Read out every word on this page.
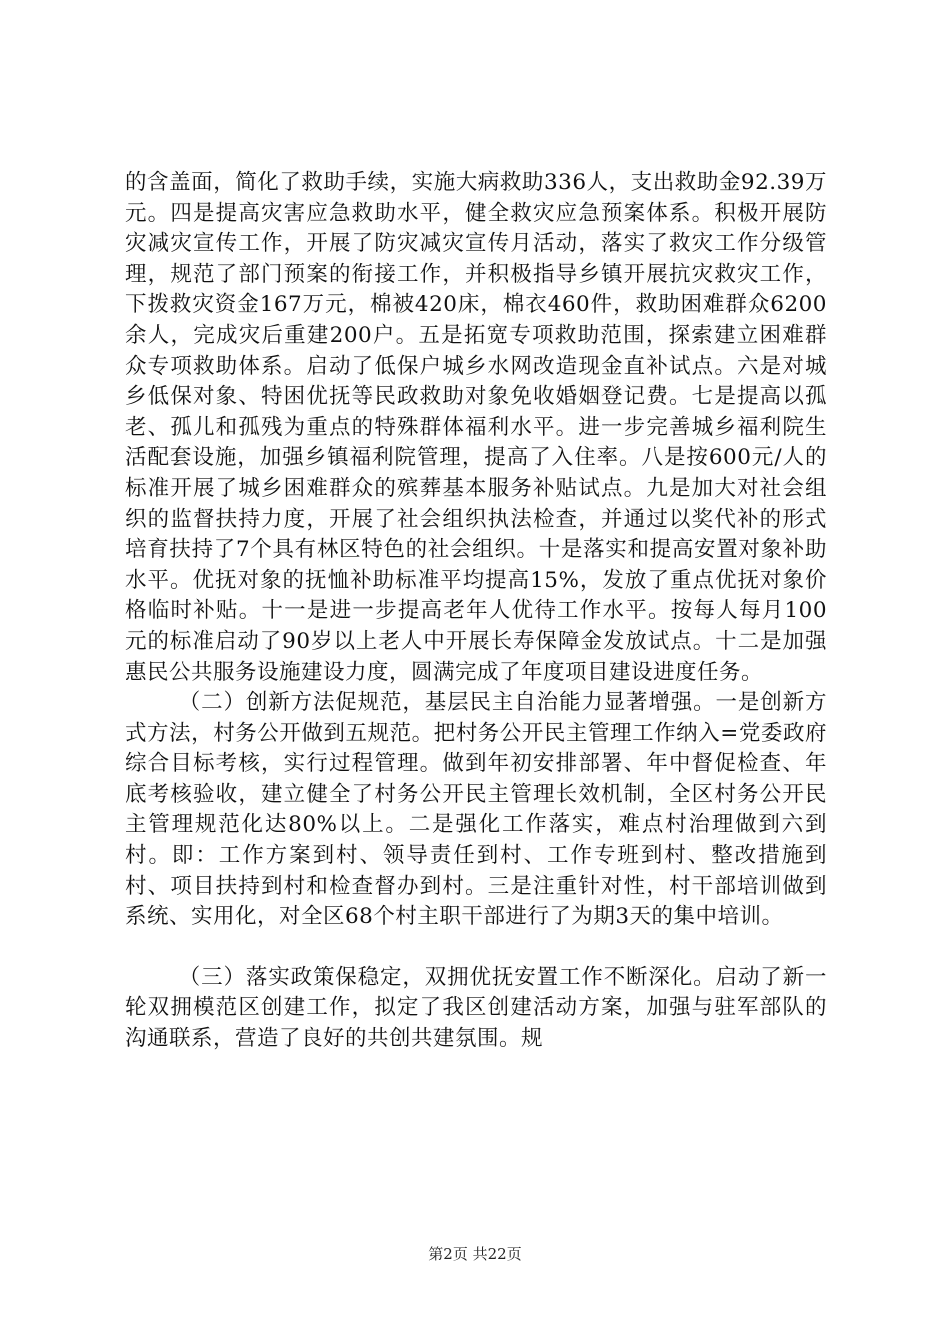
的含盖面，简化了救助手续，实施大病救助336人，支出救助金92.39万元。四是提高灾害应急救助水平，健全救灾应急预案体系。积极开展防灾减灾宣传工作，开展了防灾减灾宣传月活动，落实了救灾工作分级管理，规范了部门预案的衔接工作，并积极指导乡镇开展抗灾救灾工作，下拨救灾资金167万元，棉被420床，棉衣460件，救助困难群众6200余人，完成灾后重建200户。五是拓宽专项救助范围，探索建立困难群众专项救助体系。启动了低保户城乡水网改造现金直补试点。六是对城乡低保对象、特困优抚等民政救助对象免收婚姻登记费。七是提高以孤老、孤儿和孤残为重点的特殊群体福利水平。进一步完善城乡福利院生活配套设施，加强乡镇福利院管理，提高了入住率。八是按600元/人的标准开展了城乡困难群众的殡葬基本服务补贴试点。九是加大对社会组织的监督扶持力度，开展了社会组织执法检查，并通过以奖代补的形式培育扶持了7个具有林区特色的社会组织。十是落实和提高安置对象补助水平。优抚对象的抚恤补助标准平均提高15%，发放了重点优抚对象价格临时补贴。十一是进一步提高老年人优待工作水平。按每人每月100元的标准启动了90岁以上老人中开展长寿保障金发放试点。十二是加强惠民公共服务设施建设力度，圆满完成了年度项目建设进度任务。

（二）创新方法促规范，基层民主自治能力显著增强。一是创新方式方法，村务公开做到五规范。把村务公开民主管理工作纳入=党委政府综合目标考核，实行过程管理。做到年初安排部署、年中督促检查、年底考核验收，建立健全了村务公开民主管理长效机制，全区村务公开民主管理规范化达80%以上。二是强化工作落实，难点村治理做到六到村。即：工作方案到村、领导责任到村、工作专班到村、整改措施到村、项目扶持到村和检查督办到村。三是注重针对性，村干部培训做到系统、实用化，对全区68个村主职干部进行了为期3天的集中培训。

（三）落实政策保稳定，双拥优抚安置工作不断深化。启动了新一轮双拥模范区创建工作，拟定了我区创建活动方案，加强与驻军部队的沟通联系，营造了良好的共创共建氛围。规

第2页 共22页
